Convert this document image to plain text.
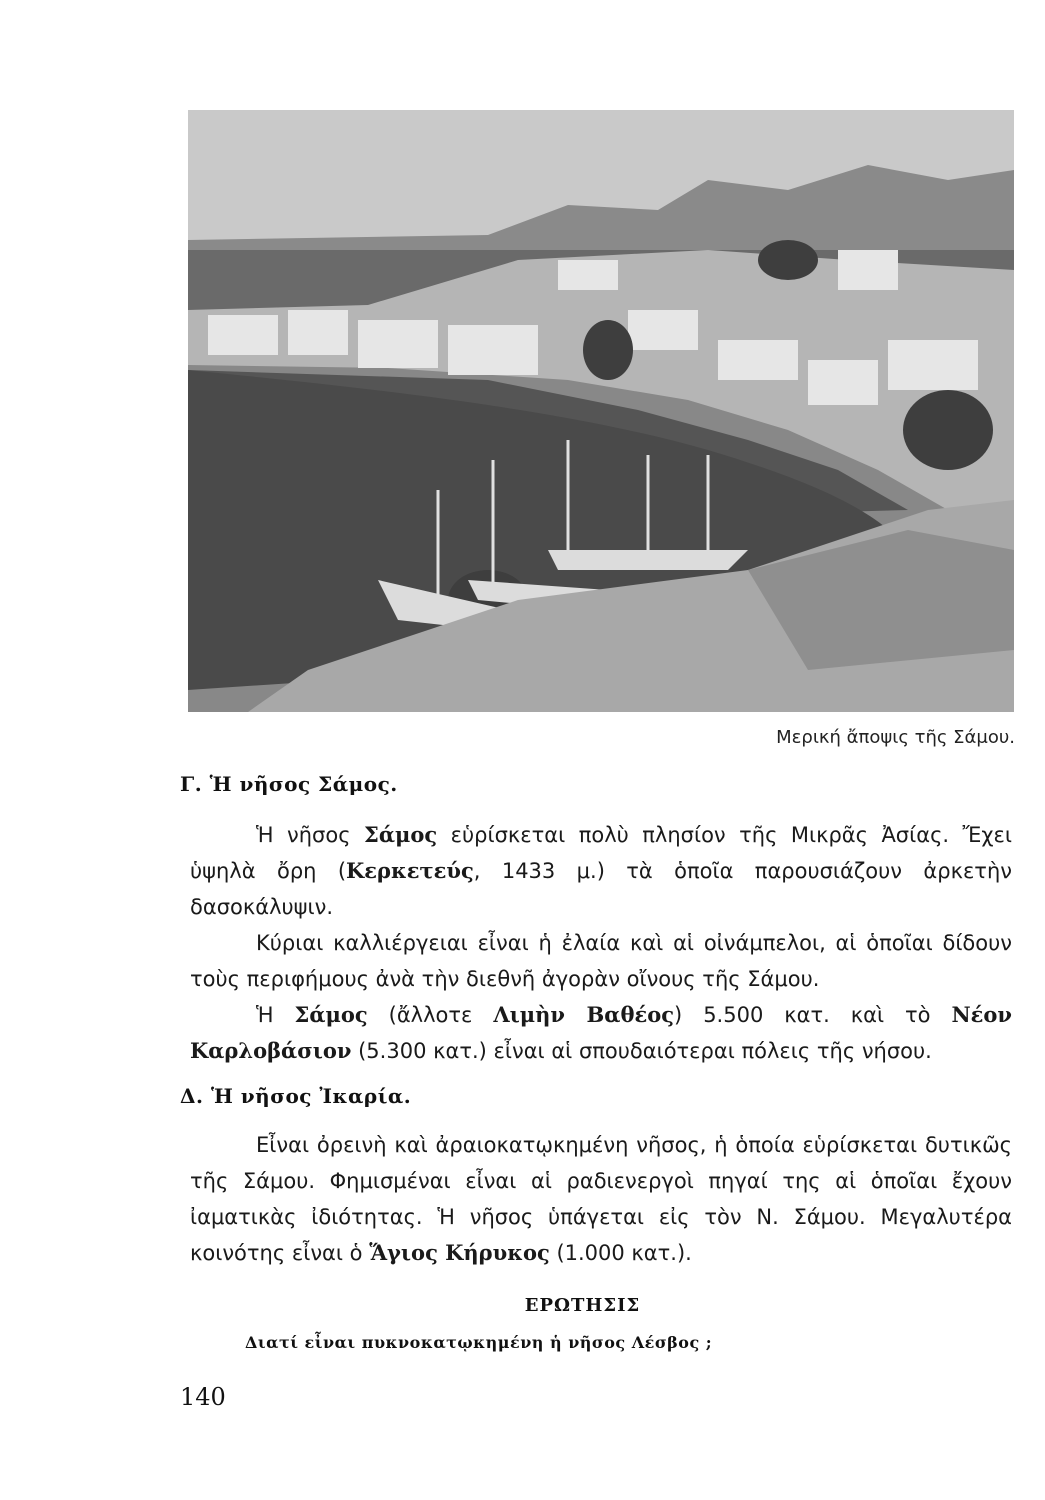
Μερική ἄποψις τῆς Σάμου.
Γ. Ἡ νῆσος Σάμος.
Ἡ νῆσος Σάμος εὑρίσκεται πολὺ πλησίον τῆς Μικρᾶς Ἀσίας. Ἔχει ὑψηλὰ ὄρη (Κερκετεύς, 1433 μ.) τὰ ὁποῖα παρουσιάζουν ἀρκετὴν δασοκάλυψιν.
Κύριαι καλλιέργειαι εἶναι ἡ ἐλαία καὶ αἱ οἰνάμπελοι, αἱ ὁποῖαι δίδουν τοὺς περιφήμους ἀνὰ τὴν διεθνῆ ἀγορὰν οἴνους τῆς Σάμου.
Ἡ Σάμος (ἄλλοτε Λιμὴν Βαθέος) 5.500 κατ. καὶ τὸ Νέον Καρλοβάσιον (5.300 κατ.) εἶναι αἱ σπουδαιότεραι πόλεις τῆς νήσου.
Δ. Ἡ νῆσος Ἰκαρία.
Εἶναι ὀρεινὴ καὶ ἀραιοκατῳκημένη νῆσος, ἡ ὁποία εὑρίσκεται δυτικῶς τῆς Σάμου. Φημισμέναι εἶναι αἱ ραδιενεργοὶ πηγαί της αἱ ὁποῖαι ἔχουν ἰαματικὰς ἰδιότητας. Ἡ νῆσος ὑπάγεται εἰς τὸν Ν. Σάμου. Μεγαλυτέρα κοινότης εἶναι ὁ Ἅγιος Κήρυκος (1.000 κατ.).
ΕΡΩΤΗΣΙΣ
Διατί εἶναι πυκνοκατῳκημένη ἡ νῆσος Λέσβος ;
140
